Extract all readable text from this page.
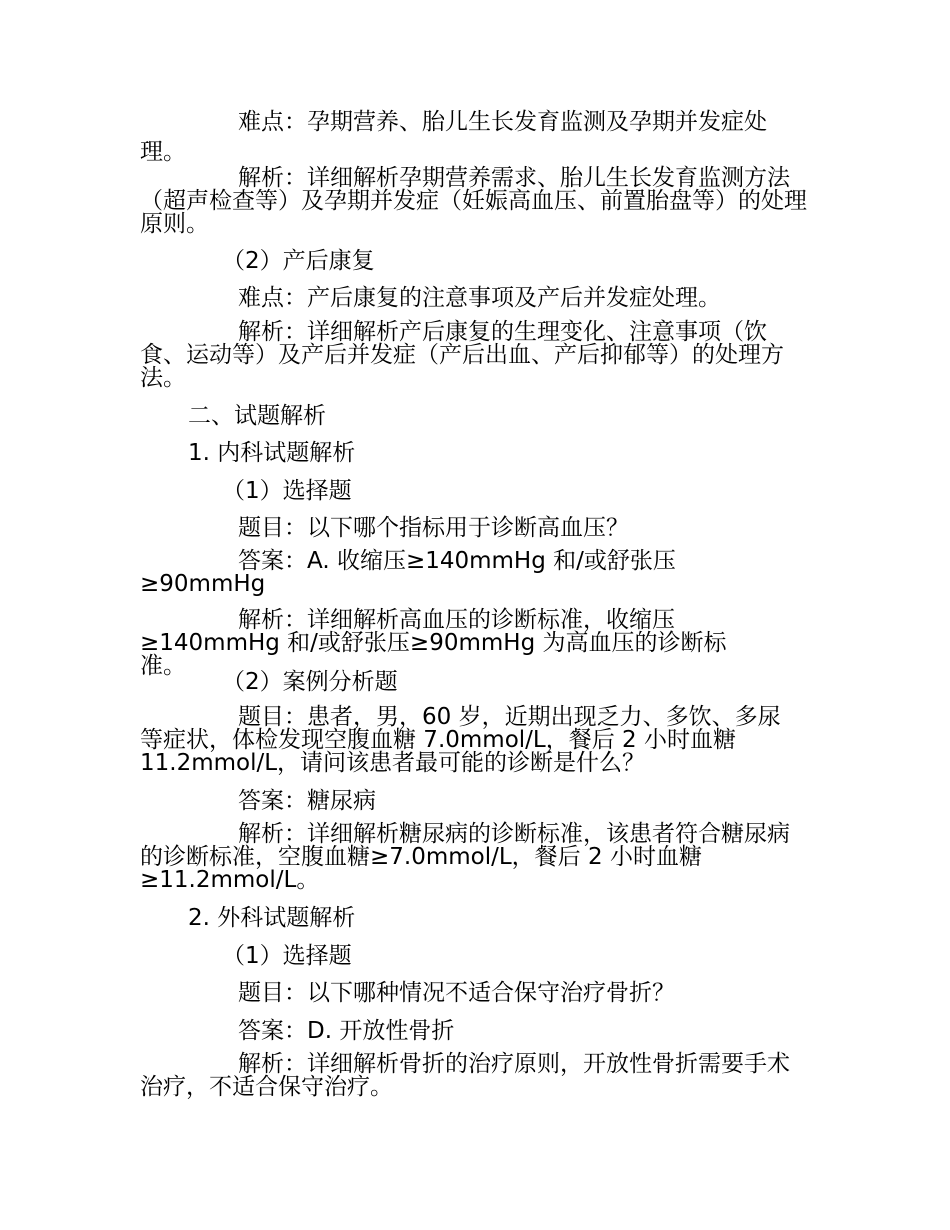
难点：孕期营养、胎儿生长发育监测及孕期并发症处理。

解析：详细解析孕期营养需求、胎儿生长发育监测方法（超声检查等）及孕期并发症（妊娠高血压、前置胎盘等）的处理原则。

（2）产后康复

难点：产后康复的注意事项及产后并发症处理。

解析：详细解析产后康复的生理变化、注意事项（饮食、运动等）及产后并发症（产后出血、产后抑郁等）的处理方法。

二、试题解析

1. 内科试题解析

（1）选择题

题目：以下哪个指标用于诊断高血压？

答案：A. 收缩压≥140mmHg 和/或舒张压≥90mmHg

解析：详细解析高血压的诊断标准，收缩压≥140mmHg 和/或舒张压≥90mmHg 为高血压的诊断标准。

（2）案例分析题

题目：患者，男，60 岁，近期出现乏力、多饮、多尿等症状，体检发现空腹血糖 7.0mmol/L，餐后 2 小时血糖 11.2mmol/L，请问该患者最可能的诊断是什么？

答案：糖尿病

解析：详细解析糖尿病的诊断标准，该患者符合糖尿病的诊断标准，空腹血糖≥7.0mmol/L，餐后 2 小时血糖≥11.2mmol/L。

2. 外科试题解析

（1）选择题

题目：以下哪种情况不适合保守治疗骨折？

答案：D. 开放性骨折

解析：详细解析骨折的治疗原则，开放性骨折需要手术治疗，不适合保守治疗。
